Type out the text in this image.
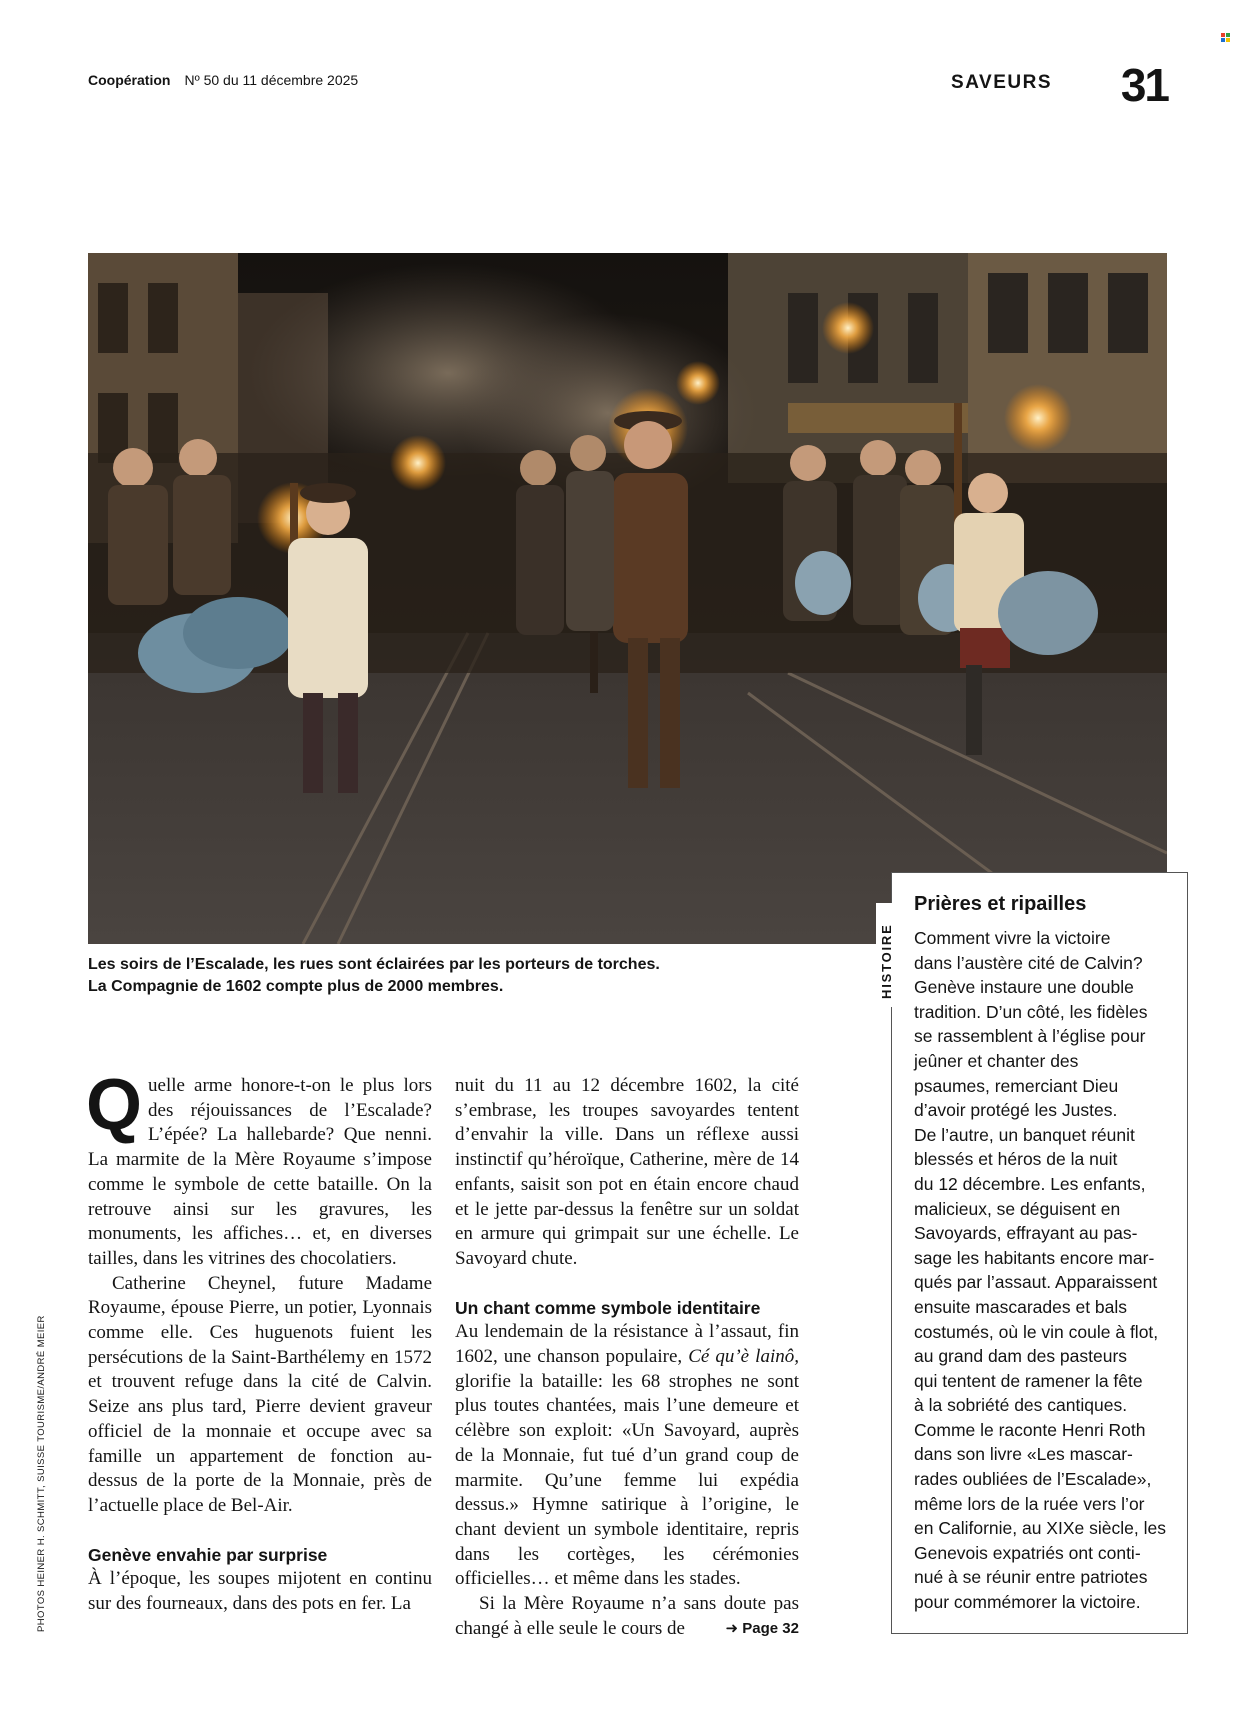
Coopération Nº 50 du 11 décembre 2025	SAVEURS 31
Les soirs de l’Escalade, les rues sont éclairées par les porteurs de torches.
La Compagnie de 1602 compte plus de 2000 membres.

Quelle arme honore-t-on le plus lors des réjouissances de l’Escalade? L’épée? La hallebarde? Que nenni. La marmite de la Mère Royaume s’impose comme le symbole de cette bataille. On la retrouve ainsi sur les gravures, les monuments, les affiches… et, en diverses tailles, dans les vitrines des chocolatiers.

Catherine Cheynel, future Madame Royaume, épouse Pierre, un potier, Lyonnais comme elle. Ces huguenots fuient les persécutions de la Saint-Barthélemy en 1572 et trouvent refuge dans la cité de Calvin. Seize ans plus tard, Pierre devient graveur officiel de la monnaie et occupe avec sa famille un appartement de fonction au-dessus de la porte de la Monnaie, près de l’actuelle place de Bel-Air.

Genève envahie par surprise

À l’époque, les soupes mijotent en continu sur des fourneaux, dans des pots en fer. La

nuit du 11 au 12 décembre 1602, la cité s’embrase, les troupes savoyardes tentent d’envahir la ville. Dans un réflexe aussi instinctif qu’héroïque, Catherine, mère de 14 enfants, saisit son pot en étain encore chaud et le jette par-dessus la fenêtre sur un soldat en armure qui grimpait sur une échelle. Le Savoyard chute.

Un chant comme symbole identitaire

Au lendemain de la résistance à l’assaut, fin 1602, une chanson populaire, Cé qu’è lainô, glorifie la bataille: les 68 strophes ne sont plus toutes chantées, mais l’une demeure et célèbre son exploit: «Un Savoyard, auprès de la Monnaie, fut tué d’un grand coup de marmite. Qu’une femme lui expédia dessus.» Hymne satirique à l’origine, le chant devient un symbole identitaire, repris dans les cortèges, les cérémonies officielles… et même dans les stades.

Si la Mère Royaume n’a sans doute pas changé à elle seule le cours de	➜ Page 32

PHOTOS HEINER H. SCHMITT, SUISSE TOURISME/ANDRÉ MEIER
HISTOIRE
Prières et ripailles
Comment vivre la victoire
dans l’austère cité de Calvin?
Genève instaure une double
tradition. D’un côté, les fidèles
se rassemblent à l’église pour
jeûner et chanter des
psaumes, remerciant Dieu
d’avoir protégé les Justes.
De l’autre, un banquet réunit
blessés et héros de la nuit
du 12 décembre. Les enfants,
malicieux, se déguisent en
Savoyards, effrayant au pas-
sage les habitants encore mar-
qués par l’assaut. Apparaissent
ensuite mascarades et bals
costumés, où le vin coule à flot,
au grand dam des pasteurs
qui tentent de ramener la fête
à la sobriété des cantiques.
Comme le raconte Henri Roth
dans son livre «Les mascar-
rades oubliées de l’Escalade»,
même lors de la ruée vers l’or
en Californie, au XIXe siècle, les
Genevois expatriés ont conti-
nué à se réunir entre patriotes
pour commémorer la victoire.
